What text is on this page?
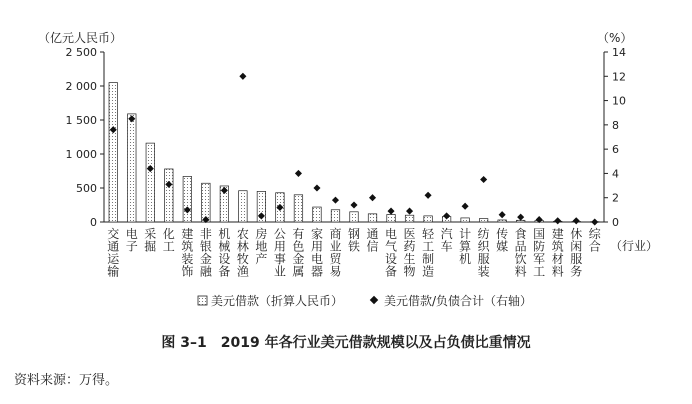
（亿元人民币）	（%）
0
500
1 000
1 500
2 000
2 500
0
2
4
6
8
10
12
14
交通运输
电子
采掘
化工
建筑装饰
非银金融
机械设备
农林牧渔
房地产
公用事业
有色金属
家用电器
商业贸易
钢铁
通信
电气设备
医药生物
轻工制造
汽车
计算机
纺织服装
传媒
食品饮料
国防军工
建筑材料
休闲服务
综合 （行业）
美元借款（折算人民币）	美元借款/负债合计（右轴）
图 3–1　2019 年各行业美元借款规模以及占负债比重情况
资料来源：万得。
